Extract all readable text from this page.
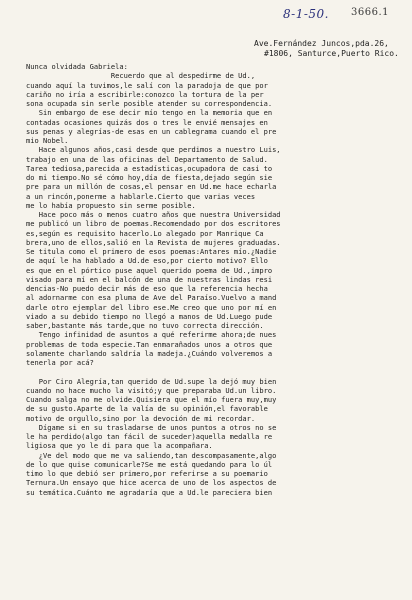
8-1-50. 3666.1
Ave.Fernández Juncos,pda.26,
#1806, Santurce,Puerto Rico.
Nunca olvidada Gabriela:
Recuerdo que al despedirme de Ud.,
cuando aquí la tuvimos,le salí con la paradoja de que por
cariño no iría a escribirle:conozco la tortura de la per
sona ocupada sin serle posible atender su correspondencia.
Sin embargo de ese decir mío tengo en la memoria que en
contadas ocasiones quizás dos o tres le envié mensajes en
sus penas y alegrías-de esas en un cablegrama cuando el pre
mio Nobel.
Hace algunos años,casi desde que perdimos a nuestro Luis,
trabajo en una de las oficinas del Departamento de Salud.
Tarea tediosa,parecida a estadísticas,ocupadora de casi to
do mi tiempo.No sé cómo hoy,día de fiesta,dejado según sie
pre para un millón de cosas,el pensar en Ud.me hace echarla
a un rincón,ponerme a hablarle.Cierto que varias veces
me lo había propuesto sin serme posible.
Hace poco más o menos cuatro años que nuestra Universidad
me publicó un libro de poemas.Recomendado por dos escritores
es,según es requisito hacerlo.Lo alegado por Manrique Ca
brera,uno de ellos,salió en la Revista de mujeres graduadas.
Se titula como el primero de esos poemas:Antares mío.¿Nadie
de aquí le ha hablado a Ud.de eso,por cierto motivo? Ello
es que en el pórtico puse aquel querido poema de Ud.,impro
visado para mí en el balcón de una de nuestras lindas resi
dencias-No puedo decir más de eso que la referencia hecha
al adornarme con esa pluma de Ave del Paraíso.Vuelvo a mand
darle otro ejemplar del libro ese.Me creo que uno por mí en
viado a su debido tiempo no llegó a manos de Ud.Luego pude
saber,bastante más tarde,que no tuvo correcta dirección.
Tengo infinidad de asuntos a qué referirme ahora;de nues
problemas de toda especie.Tan enmarañados unos a otros que
solamente charlando saldría la madeja.¿Cuándo volveremos a
tenerla por acá?
Por Ciro Alegría,tan querido de Ud.supe la dejó muy bien
cuando no hace mucho la visitó;y que preparaba Ud.un libro.
Cuando salga no me olvide.Quisiera que el mío fuera muy,muy
de su gusto.Aparte de la valía de su opinión,el favorable
motivo de orgullo,sino por la devoción de mi recordar.
Dígame si en su trasladarse de unos puntos a otros no se
le ha perdido(algo tan fácil de suceder)aquella medalla re
ligiosa que yo le di para que la acompañara.
¿Ve del modo que me va saliendo,tan descompasamente,algo
de lo que quise comunicarle?Se me está quedando para lo úl
timo lo que debió ser primero,por referirse a su poemario
Ternura.Un ensayo que hice acerca de uno de los aspectos de
su temática.Cuánto me agradaría que a Ud.le pareciera bien
